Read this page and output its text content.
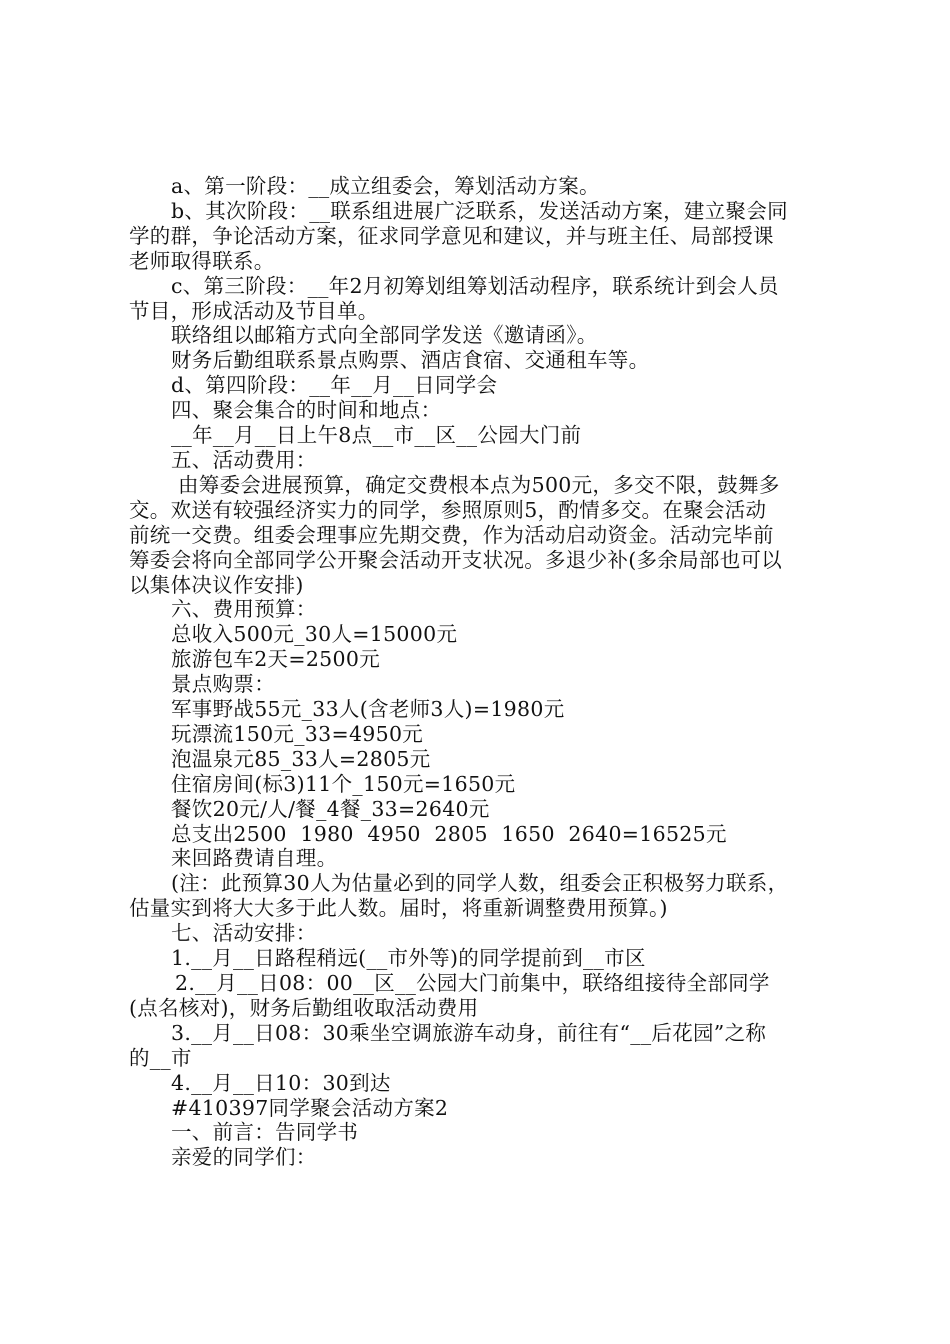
a、第一阶段：__成立组委会，筹划活动方案。

b、其次阶段：__联系组进展广泛联系，发送活动方案，建立聚会同

学的群，争论活动方案，征求同学意见和建议，并与班主任、局部授课

老师取得联系。

c、第三阶段：__年2月初筹划组筹划活动程序，联系统计到会人员

节目，形成活动及节目单。

联络组以邮箱方式向全部同学发送《邀请函》。

财务后勤组联系景点购票、酒店食宿、交通租车等。

d、第四阶段：__年__月__日同学会

四、聚会集合的时间和地点：

__年__月__日上午8点__市__区__公园大门前

五、活动费用：

由筹委会进展预算，确定交费根本点为500元，多交不限，鼓舞多

交。欢送有较强经济实力的同学，参照原则5，酌情多交。在聚会活动

前统一交费。组委会理事应先期交费，作为活动启动资金。活动完毕前

筹委会将向全部同学公开聚会活动开支状况。多退少补(多余局部也可以

以集体决议作安排)

六、费用预算：

总收入500元_30人=15000元

旅游包车2天=2500元

景点购票：

军事野战55元_33人(含老师3人)=1980元

玩漂流150元_33=4950元

泡温泉元85_33人=2805元

住宿房间(标3)11个_150元=1650元

餐饮20元/人/餐_4餐_33=2640元

总支出2500  1980  4950  2805  1650  2640=16525元

来回路费请自理。

(注：此预算30人为估量必到的同学人数，组委会正积极努力联系，

估量实到将大大多于此人数。届时，将重新调整费用预算。)

七、活动安排：

1.__月__日路程稍远(__市外等)的同学提前到__市区

2.__月__日08：00__区__公园大门前集中，联络组接待全部同学

(点名核对)，财务后勤组收取活动费用

3.__月__日08：30乘坐空调旅游车动身，前往有“__后花园”之称

的__市

4.__月__日10：30到达

#410397同学聚会活动方案2

一、前言：告同学书

亲爱的同学们：
